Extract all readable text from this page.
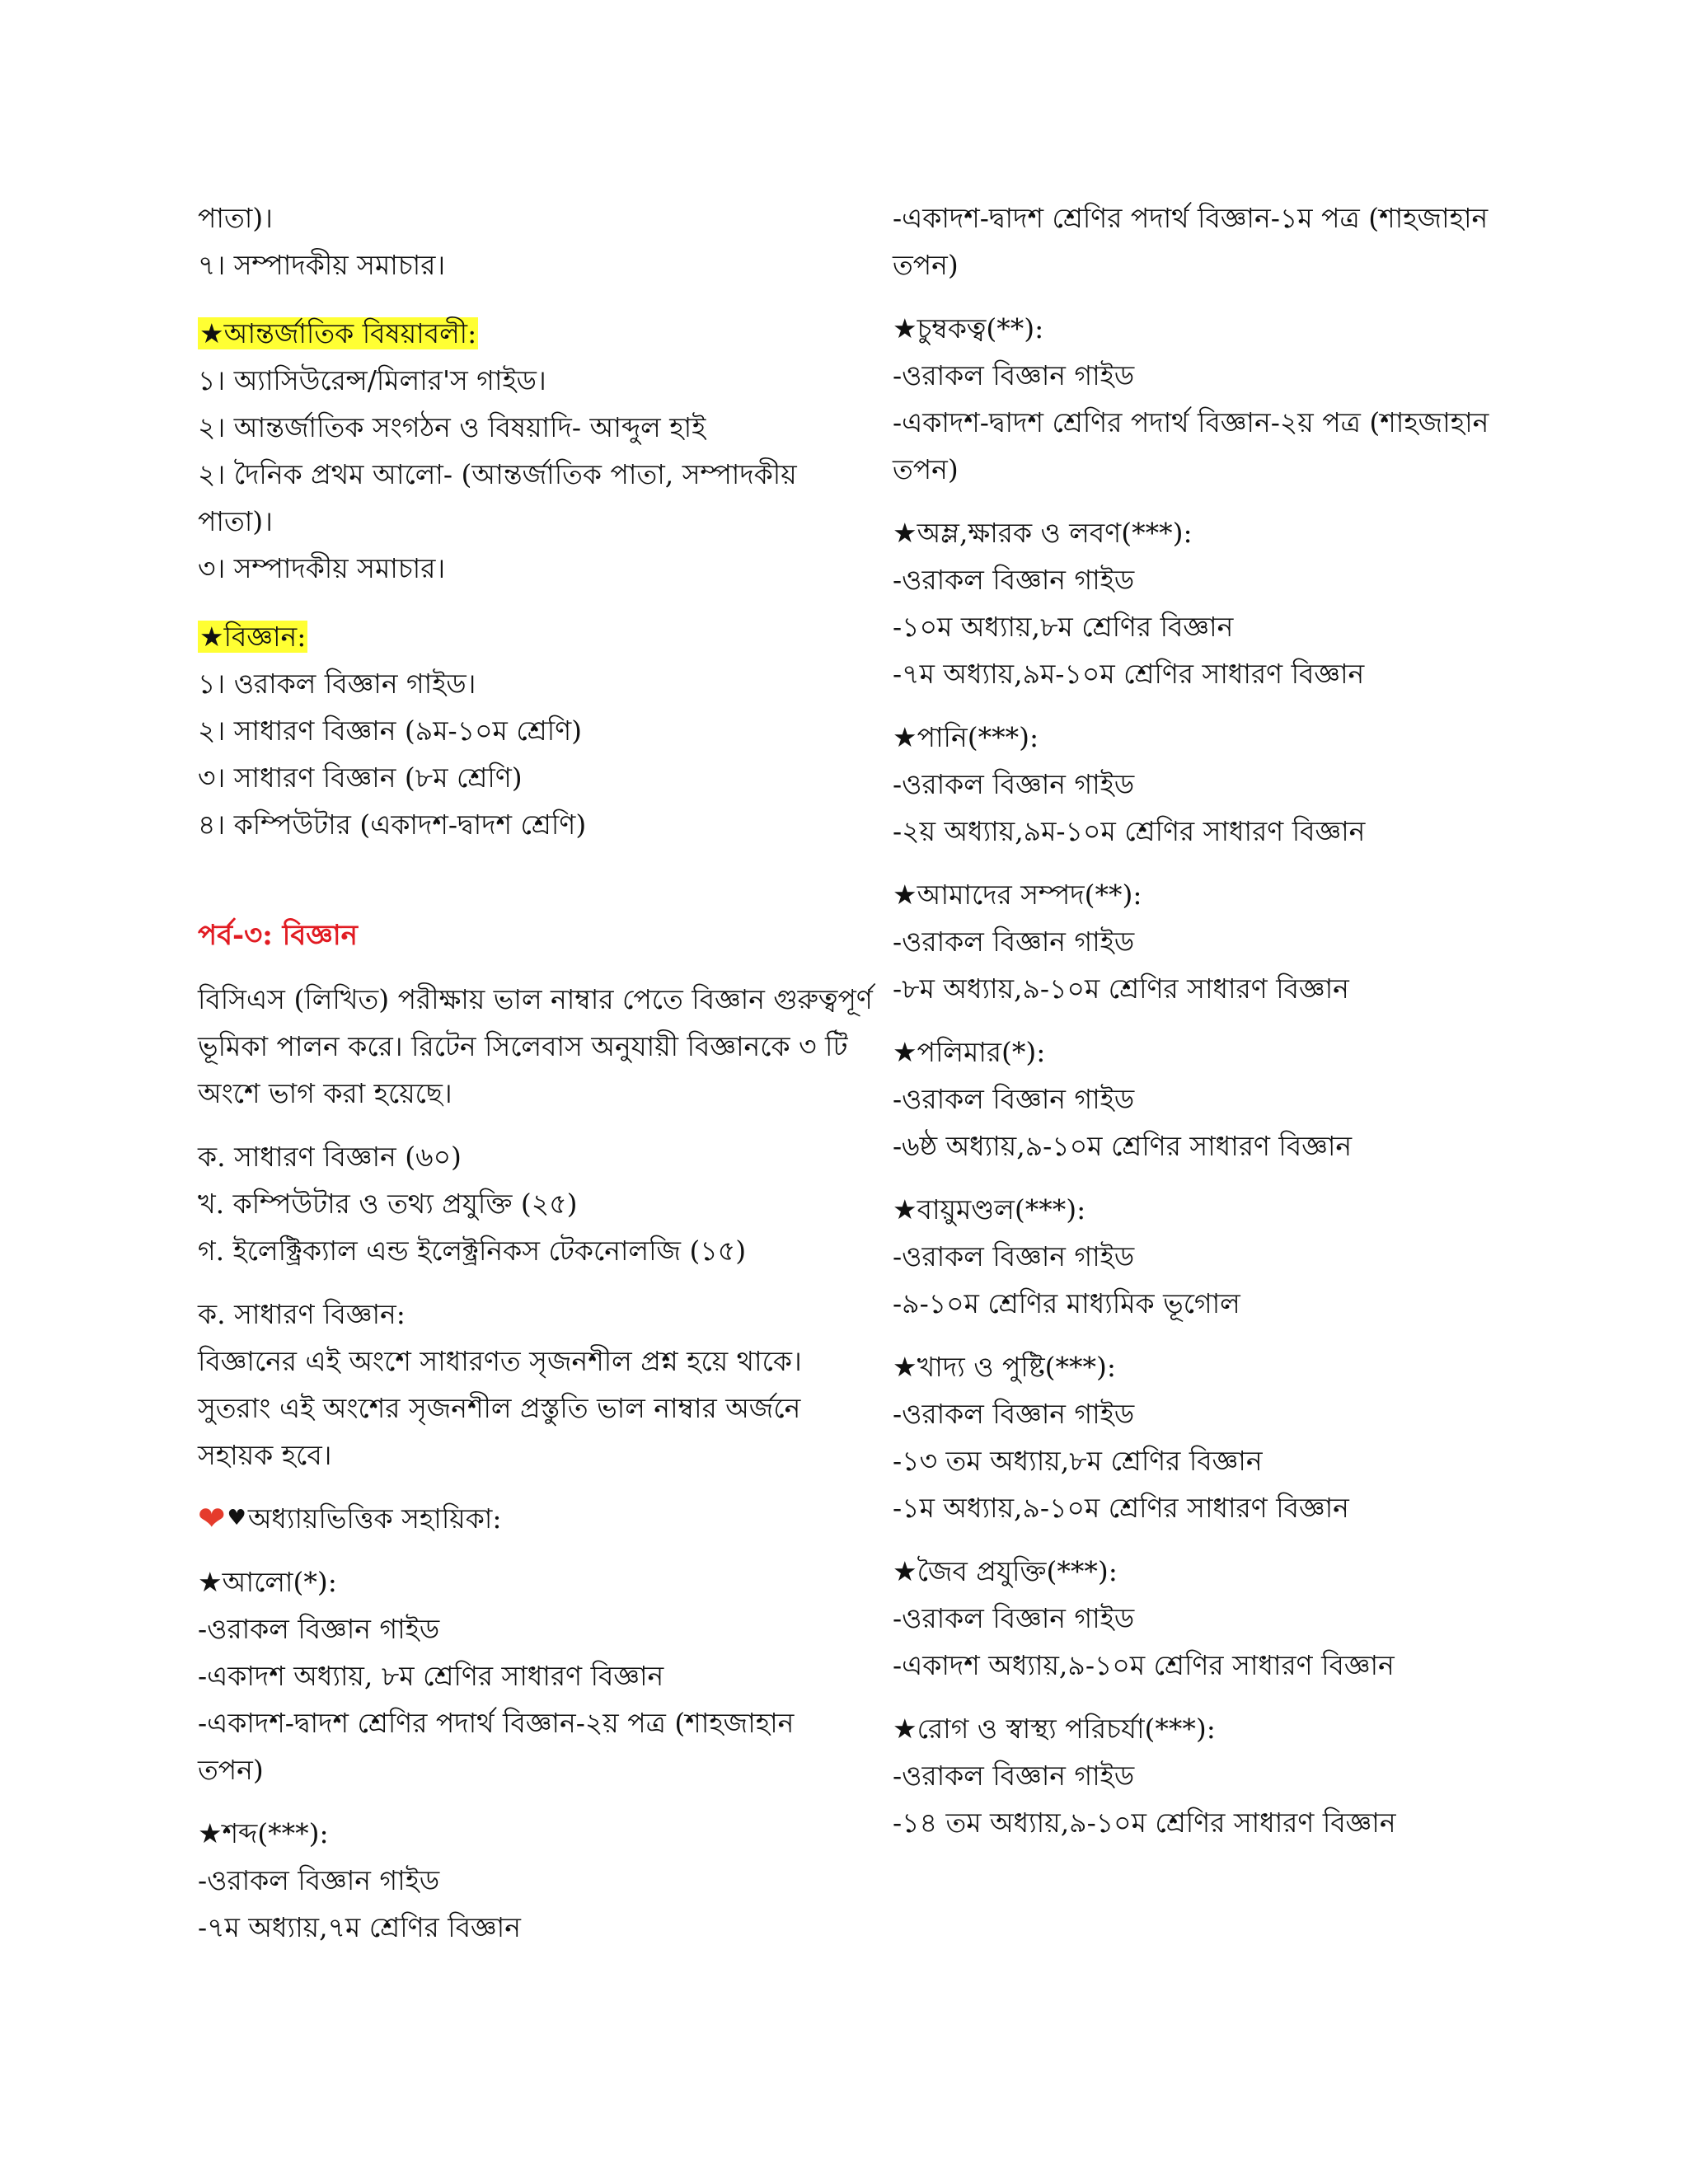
পাতা)।
৭। সম্পাদকীয় সমাচার।
★আন্তর্জাতিক বিষয়াবলী:
১। অ্যাসিউরেন্স/মিলার'স গাইড।
২। আন্তর্জাতিক সংগঠন ও বিষয়াদি- আব্দুল হাই
২। দৈনিক প্রথম আলো- (আন্তর্জাতিক পাতা, সম্পাদকীয়
পাতা)।
৩। সম্পাদকীয় সমাচার।
★বিজ্ঞান:
১। ওরাকল বিজ্ঞান গাইড।
২। সাধারণ বিজ্ঞান (৯ম-১০ম শ্রেণি)
৩। সাধারণ বিজ্ঞান (৮ম শ্রেণি)
৪। কম্পিউটার (একাদশ-দ্বাদশ শ্রেণি)
পর্ব-৩: বিজ্ঞান
বিসিএস (লিখিত) পরীক্ষায় ভাল নাম্বার পেতে বিজ্ঞান গুরুত্বপূর্ণ
ভূমিকা পালন করে। রিটেন সিলেবাস অনুযায়ী বিজ্ঞানকে ৩ টি
অংশে ভাগ করা হয়েছে।
ক. সাধারণ বিজ্ঞান (৬০)
খ. কম্পিউটার ও তথ্য প্রযুক্তি (২৫)
গ. ইলেক্ট্রিক্যাল এন্ড ইলেক্ট্রনিকস টেকনোলজি (১৫)
ক. সাধারণ বিজ্ঞান:
বিজ্ঞানের এই অংশে সাধারণত সৃজনশীল প্রশ্ন হয়ে থাকে।
সুতরাং এই অংশের সৃজনশীল প্রস্তুতি ভাল নাম্বার অর্জনে
সহায়ক হবে।
❤ ♥ অধ্যায়ভিত্তিক সহায়িকা:
★আলো(*):
-ওরাকল বিজ্ঞান গাইড
-একাদশ অধ্যায়, ৮ম শ্রেণির সাধারণ বিজ্ঞান
-একাদশ-দ্বাদশ শ্রেণির পদার্থ বিজ্ঞান-২য় পত্র (শাহজাহান
তপন)
★শব্দ(***):
-ওরাকল বিজ্ঞান গাইড
-৭ম অধ্যায়,৭ম শ্রেণির বিজ্ঞান
-একাদশ-দ্বাদশ শ্রেণির পদার্থ বিজ্ঞান-১ম পত্র (শাহজাহান
তপন)
★চুম্বকত্ব(**):
-ওরাকল বিজ্ঞান গাইড
-একাদশ-দ্বাদশ শ্রেণির পদার্থ বিজ্ঞান-২য় পত্র (শাহজাহান
তপন)
★অম্ল,ক্ষারক ও লবণ(***):
-ওরাকল বিজ্ঞান গাইড
-১০ম অধ্যায়,৮ম শ্রেণির বিজ্ঞান
-৭ম অধ্যায়,৯ম-১০ম শ্রেণির সাধারণ বিজ্ঞান
★পানি(***):
-ওরাকল বিজ্ঞান গাইড
-২য় অধ্যায়,৯ম-১০ম শ্রেণির সাধারণ বিজ্ঞান
★আমাদের সম্পদ(**):
-ওরাকল বিজ্ঞান গাইড
-৮ম অধ্যায়,৯-১০ম শ্রেণির সাধারণ বিজ্ঞান
★পলিমার(*):
-ওরাকল বিজ্ঞান গাইড
-৬ষ্ঠ অধ্যায়,৯-১০ম শ্রেণির সাধারণ বিজ্ঞান
★বায়ুমণ্ডল(***):
-ওরাকল বিজ্ঞান গাইড
-৯-১০ম শ্রেণির মাধ্যমিক ভূগোল
★খাদ্য ও পুষ্টি(***):
-ওরাকল বিজ্ঞান গাইড
-১৩ তম অধ্যায়,৮ম শ্রেণির বিজ্ঞান
-১ম অধ্যায়,৯-১০ম শ্রেণির সাধারণ বিজ্ঞান
★জৈব প্রযুক্তি(***):
-ওরাকল বিজ্ঞান গাইড
-একাদশ অধ্যায়,৯-১০ম শ্রেণির সাধারণ বিজ্ঞান
★রোগ ও স্বাস্থ্য পরিচর্যা(***):
-ওরাকল বিজ্ঞান গাইড
-১৪ তম অধ্যায়,৯-১০ম শ্রেণির সাধারণ বিজ্ঞান
